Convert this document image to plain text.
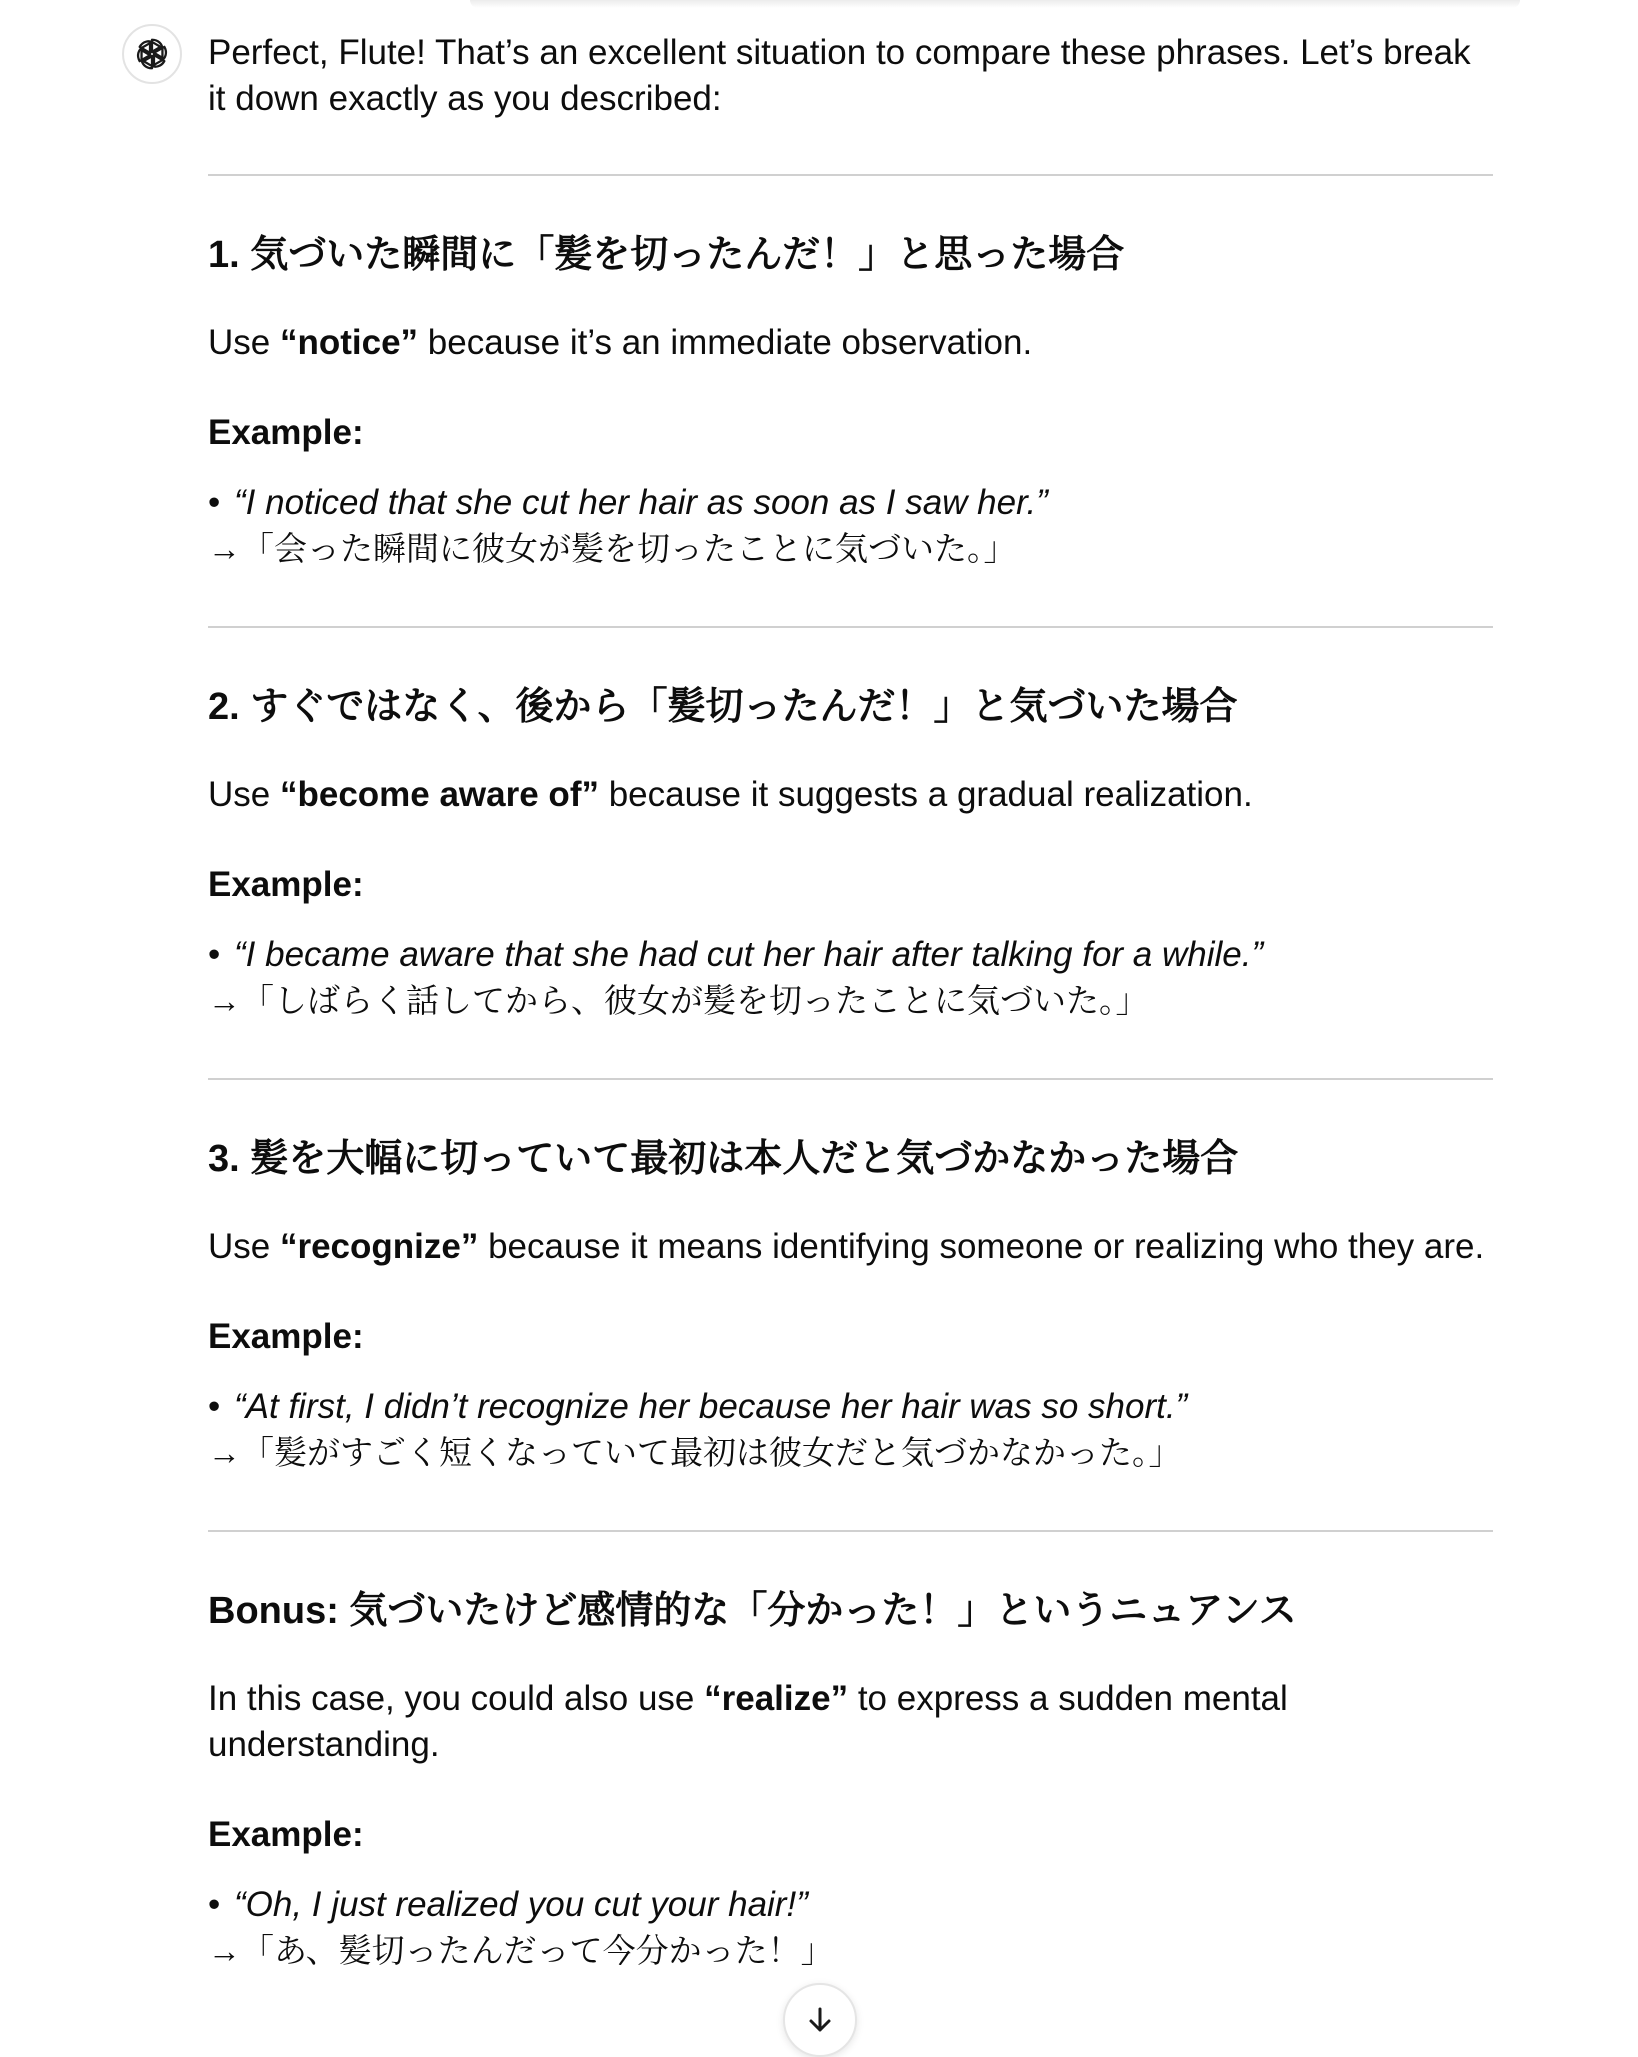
Perfect, Flute! That’s an excellent situation to compare these phrases. Let’s break it down exactly as you described:

1. 気づいた瞬間に「髪を切ったんだ！」と思った場合

Use “notice” because it’s an immediate observation.

Example:

• “I noticed that she cut her hair as soon as I saw her.”

→「会った瞬間に彼女が髪を切ったことに気づいた。」

2. すぐではなく、後から「髪切ったんだ！」と気づいた場合

Use “become aware of” because it suggests a gradual realization.

Example:

• “I became aware that she had cut her hair after talking for a while.”

→「しばらく話してから、彼女が髪を切ったことに気づいた。」

3. 髪を大幅に切っていて最初は本人だと気づかなかった場合

Use “recognize” because it means identifying someone or realizing who they are.

Example:

• “At first, I didn’t recognize her because her hair was so short.”

→「髪がすごく短くなっていて最初は彼女だと気づかなかった。」

Bonus: 気づいたけど感情的な「分かった！」というニュアンス

In this case, you could also use “realize” to express a sudden mental understanding.

Example:

• “Oh, I just realized you cut your hair!”

→「あ、髪切ったんだって今分かった！」
